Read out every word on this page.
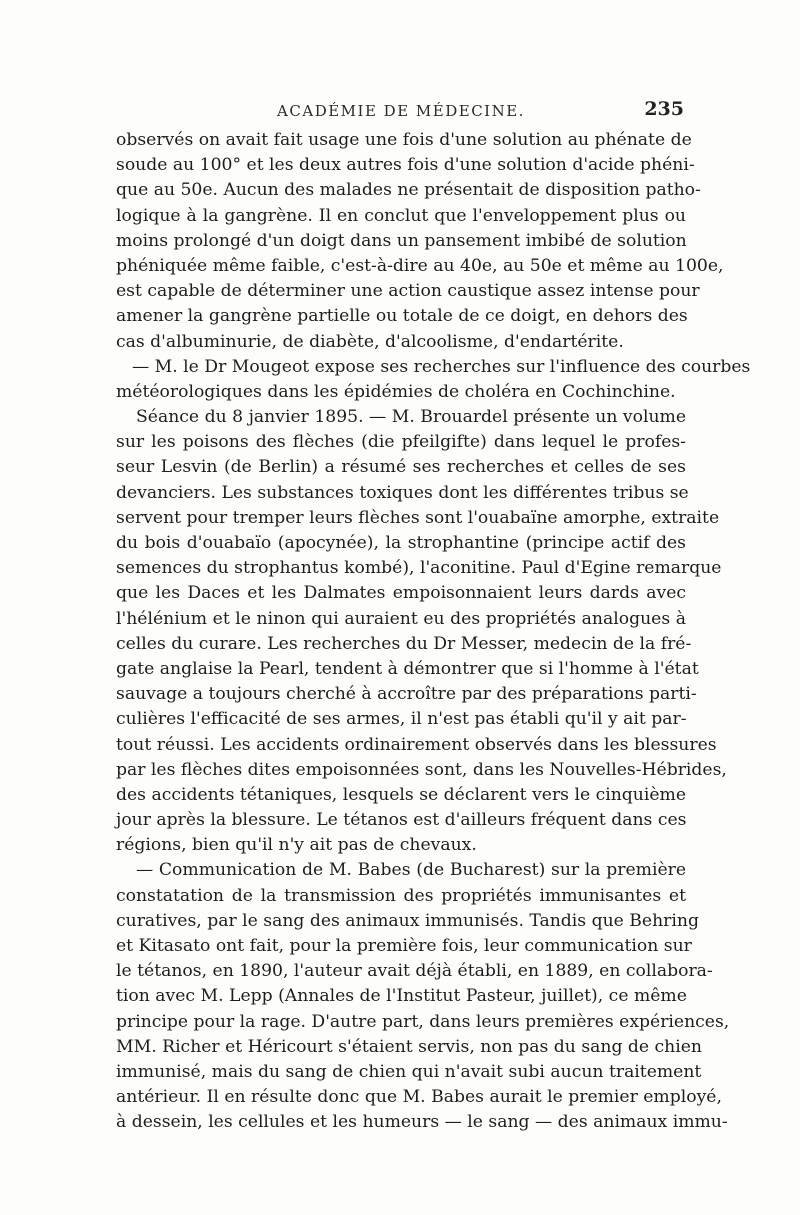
ACADÉMIE DE MÉDECINE.	235
observés on avait fait usage une fois d'une solution au phénate de
soude au 100° et les deux autres fois d'une solution d'acide phéni-
que au 50e. Aucun des malades ne présentait de disposition patho-
logique à la gangrène. Il en conclut que l'enveloppement plus ou
moins prolongé d'un doigt dans un pansement imbibé de solution
phéniquée même faible, c'est-à-dire au 40e, au 50e et même au 100e,
est capable de déterminer une action caustique assez intense pour
amener la gangrène partielle ou totale de ce doigt, en dehors des
cas d'albuminurie, de diabète, d'alcoolisme, d'endartérite.
— M. le Dr Mougeot expose ses recherches sur l'influence des courbes
météorologiques dans les épidémies de choléra en Cochinchine.
Séance du 8 janvier 1895. — M. Brouardel présente un volume
sur les poisons des flèches (die pfeilgifte) dans lequel le profes-
seur Lesvin (de Berlin) a résumé ses recherches et celles de ses
devanciers. Les substances toxiques dont les différentes tribus se
servent pour tremper leurs flèches sont l'ouabaïne amorphe, extraite
du bois d'ouabaïo (apocynée), la strophantine (principe actif des
semences du strophantus kombé), l'aconitine. Paul d'Egine remarque
que les Daces et les Dalmates empoisonnaient leurs dards avec
l'hélénium et le ninon qui auraient eu des propriétés analogues à
celles du curare. Les recherches du Dr Messer, medecin de la fré-
gate anglaise la Pearl, tendent à démontrer que si l'homme à l'état
sauvage a toujours cherché à accroître par des préparations parti-
culières l'efficacité de ses armes, il n'est pas établi qu'il y ait par-
tout réussi. Les accidents ordinairement observés dans les blessures
par les flèches dites empoisonnées sont, dans les Nouvelles-Hébrides,
des accidents tétaniques, lesquels se déclarent vers le cinquième
jour après la blessure. Le tétanos est d'ailleurs fréquent dans ces
régions, bien qu'il n'y ait pas de chevaux.
— Communication de M. Babes (de Bucharest) sur la première
constatation de la transmission des propriétés immunisantes et
curatives, par le sang des animaux immunisés. Tandis que Behring
et Kitasato ont fait, pour la première fois, leur communication sur
le tétanos, en 1890, l'auteur avait déjà établi, en 1889, en collabora-
tion avec M. Lepp (Annales de l'Institut Pasteur, juillet), ce même
principe pour la rage. D'autre part, dans leurs premières expériences,
MM. Richer et Héricourt s'étaient servis, non pas du sang de chien
immunisé, mais du sang de chien qui n'avait subi aucun traitement
antérieur. Il en résulte donc que M. Babes aurait le premier employé,
à dessein, les cellules et les humeurs — le sang — des animaux immu-
